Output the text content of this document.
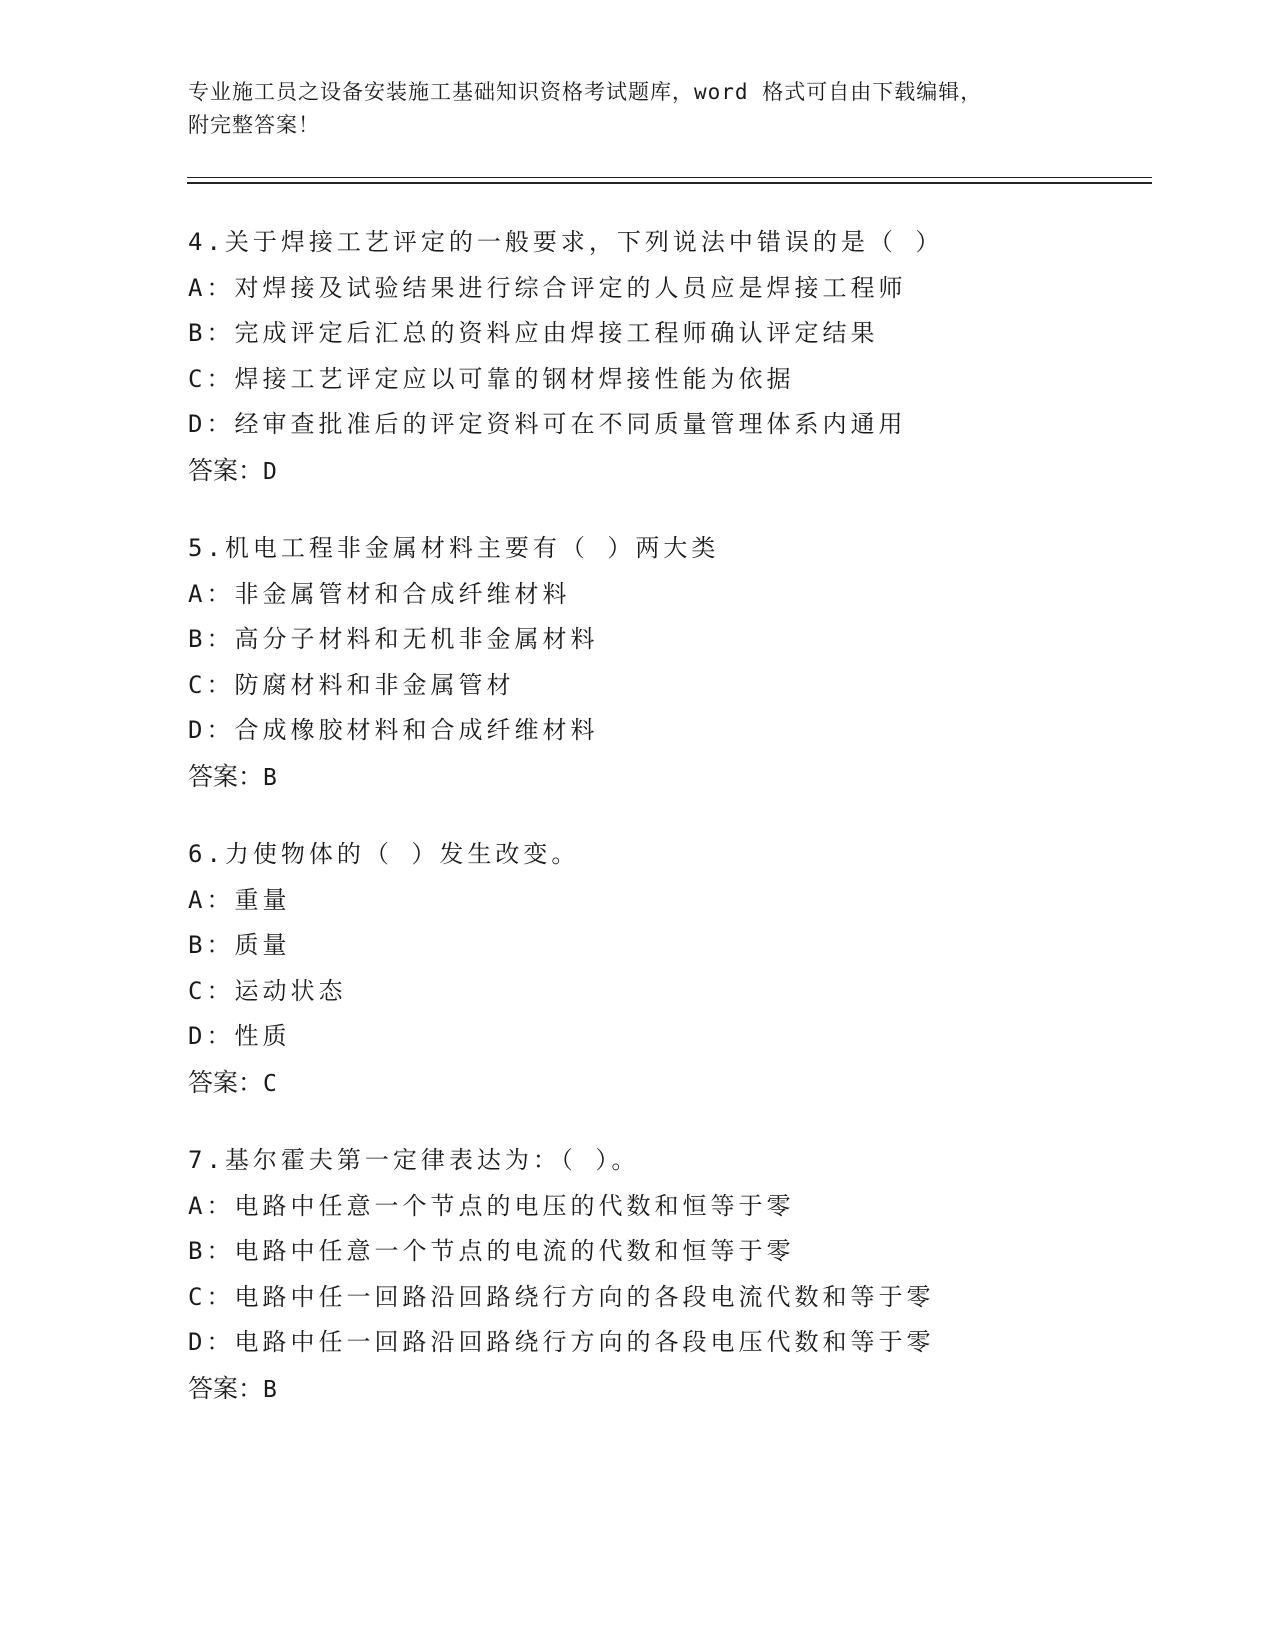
专业施工员之设备安装施工基础知识资格考试题库，word 格式可自由下载编辑，
附完整答案！
4.关于焊接工艺评定的一般要求，下列说法中错误的是（ ）
A：对焊接及试验结果进行综合评定的人员应是焊接工程师
B：完成评定后汇总的资料应由焊接工程师确认评定结果
C：焊接工艺评定应以可靠的钢材焊接性能为依据
D：经审查批准后的评定资料可在不同质量管理体系内通用
答案：D
5.机电工程非金属材料主要有（ ）两大类
A：非金属管材和合成纤维材料
B：高分子材料和无机非金属材料
C：防腐材料和非金属管材
D：合成橡胶材料和合成纤维材料
答案：B
6.力使物体的（ ）发生改变。
A：重量
B：质量
C：运动状态
D：性质
答案：C
7.基尔霍夫第一定律表达为：（ ）。
A：电路中任意一个节点的电压的代数和恒等于零
B：电路中任意一个节点的电流的代数和恒等于零
C：电路中任一回路沿回路绕行方向的各段电流代数和等于零
D：电路中任一回路沿回路绕行方向的各段电压代数和等于零
答案：B
